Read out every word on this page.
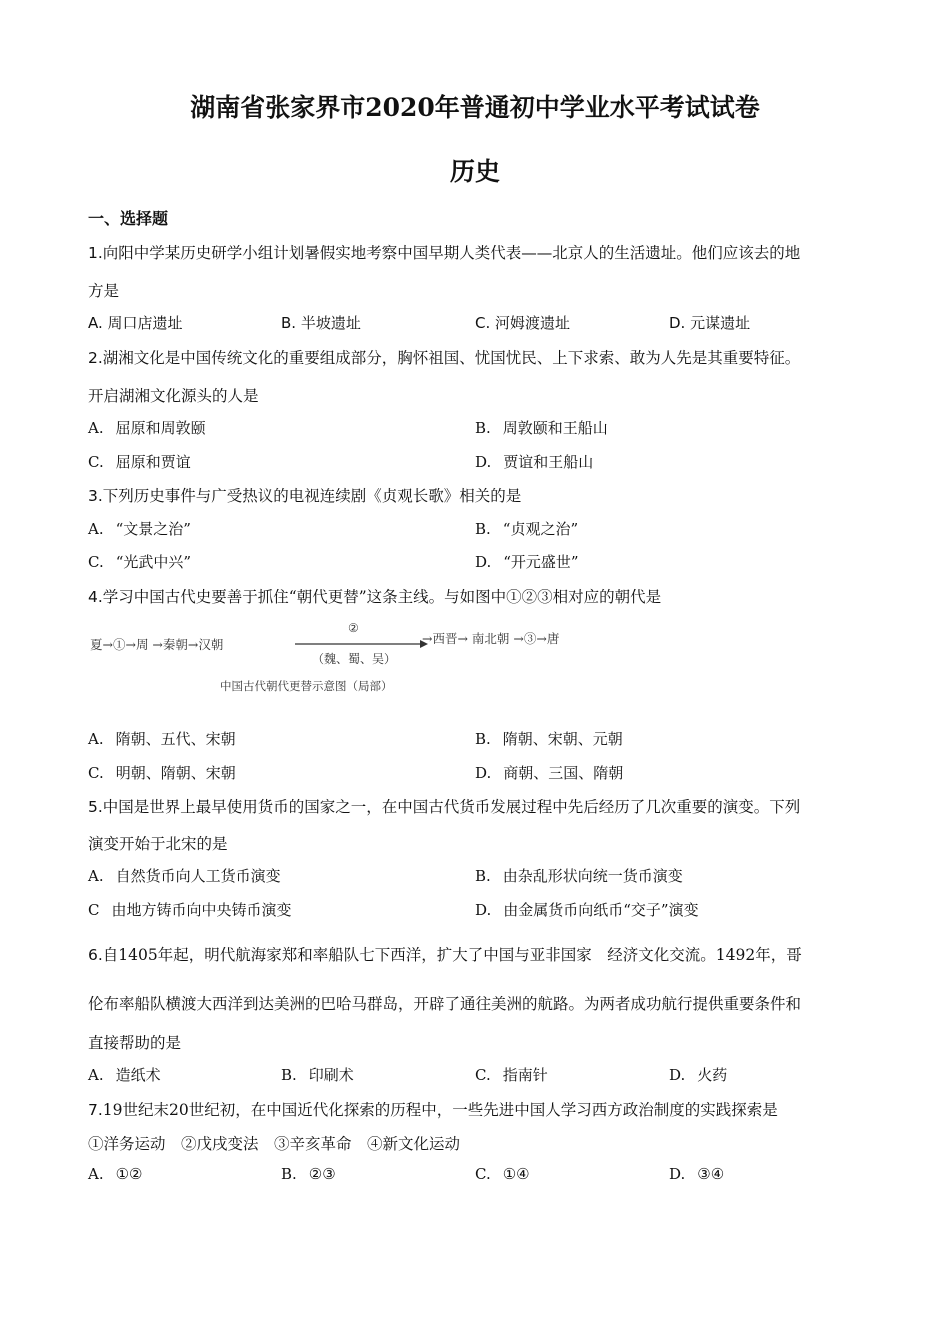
湖南省张家界市2020年普通初中学业水平考试试卷
历史
一、选择题
1.向阳中学某历史研学小组计划暑假实地考察中国早期人类代表——北京人的生活遗址。他们应该去的地
方是
A. 周口店遗址	B. 半坡遗址	C. 河姆渡遗址	D. 元谋遗址
2.湖湘文化是中国传统文化的重要组成部分，胸怀祖国、忧国忧民、上下求索、敢为人先是其重要特征。
开启湖湘文化源头的人是
A. 屈原和周敦颐	B. 周敦颐和王船山
C. 屈原和贾谊	D. 贾谊和王船山
3.下列历史事件与广受热议的电视连续剧《贞观长歌》相关的是
A. “文景之治”	B. “贞观之治”
C. “光武中兴”	D. “开元盛世”
4.学习中国古代史要善于抓住“朝代更替”这条主线。与如图中①②③相对应的朝代是
夏→①→周 →秦朝→汉朝
②
（魏、蜀、吴）
→西晋→ 南北朝 →③→唐
中国古代朝代更替示意图（局部）
A. 隋朝、五代、宋朝	B. 隋朝、宋朝、元朝
C. 明朝、隋朝、宋朝	D. 商朝、三国、隋朝
5.中国是世界上最早使用货币的国家之一，在中国古代货币发展过程中先后经历了几次重要的演变。下列
演变开始于北宋的是
A. 自然货币向人工货币演变	B. 由杂乱形状向统一货币演变
C 由地方铸币向中央铸币演变	D. 由金属货币向纸币“交子”演变
6.自1405年起，明代航海家郑和率船队七下西洋，扩大了中国与亚非国家　经济文化交流。1492年，哥
伦布率船队横渡大西洋到达美洲的巴哈马群岛，开辟了通往美洲的航路。为两者成功航行提供重要条件和
直接帮助的是
A. 造纸术	B. 印刷术	C. 指南针	D. 火药
7.19世纪末20世纪初，在中国近代化探索的历程中，一些先进中国人学习西方政治制度的实践探索是
①洋务运动　②戊戌变法　③辛亥革命　④新文化运动
A. ①②	B. ②③	C. ①④	D. ③④
